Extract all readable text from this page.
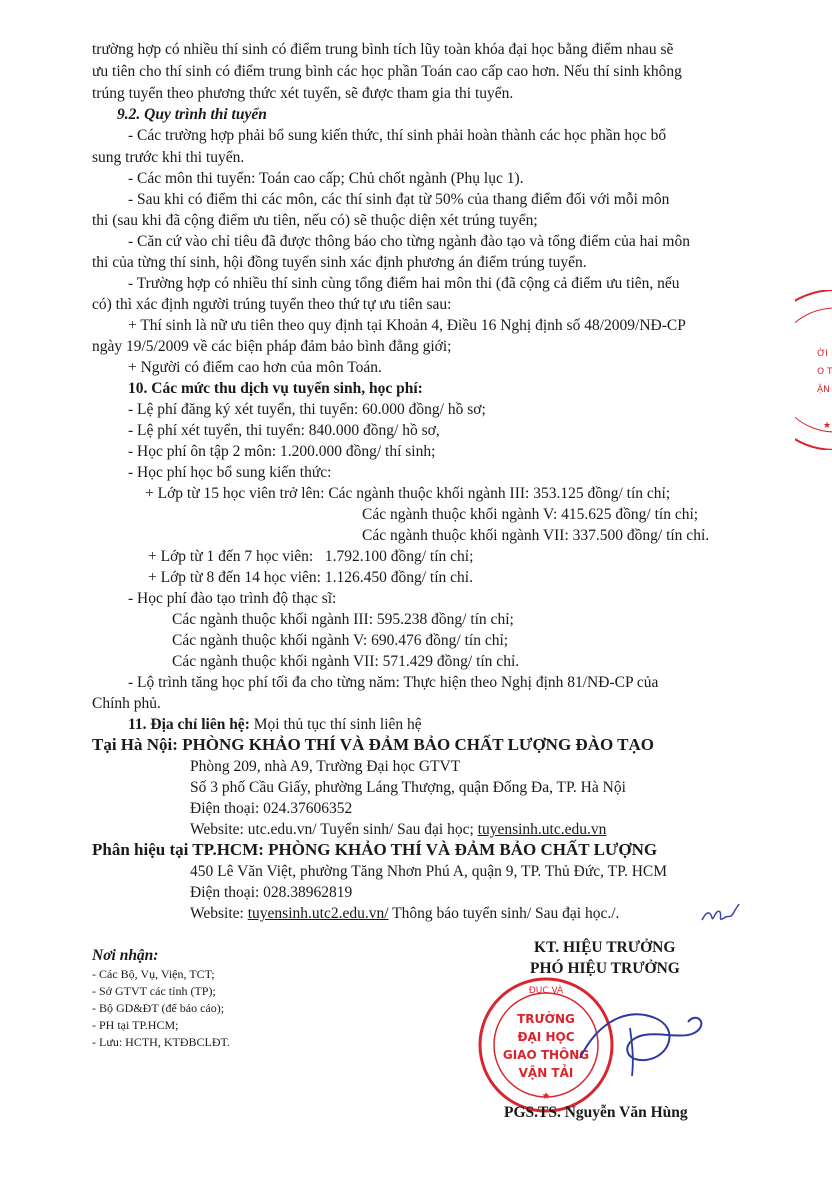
trường hợp có nhiều thí sinh có điểm trung bình tích lũy toàn khóa đại học bằng điểm nhau sẽ
ưu tiên cho thí sinh có điểm trung bình các học phần Toán cao cấp cao hơn. Nếu thí sinh không
trúng tuyển theo phương thức xét tuyển, sẽ được tham gia thi tuyển.
9.2. Quy trình thi tuyển
- Các trường hợp phải bổ sung kiến thức, thí sinh phải hoàn thành các học phần học bổ
sung trước khi thi tuyển.
- Các môn thi tuyển: Toán cao cấp; Chủ chốt ngành (Phụ lục 1).
- Sau khi có điểm thi các môn, các thí sinh đạt từ 50% của thang điểm đối với mỗi môn
thi (sau khi đã cộng điểm ưu tiên, nếu có) sẽ thuộc diện xét trúng tuyển;
- Căn cứ vào chỉ tiêu đã được thông báo cho từng ngành đào tạo và tổng điểm của hai môn
thi của từng thí sinh, hội đồng tuyển sinh xác định phương án điểm trúng tuyển.
- Trường hợp có nhiều thí sinh cùng tổng điểm hai môn thi (đã cộng cả điểm ưu tiên, nếu
có) thì xác định người trúng tuyển theo thứ tự ưu tiên sau:
+ Thí sinh là nữ ưu tiên theo quy định tại Khoản 4, Điều 16 Nghị định số 48/2009/NĐ-CP
ngày 19/5/2009 về các biện pháp đảm bảo bình đẳng giới;
+ Người có điểm cao hơn của môn Toán.
10. Các mức thu dịch vụ tuyển sinh, học phí:
- Lệ phí đăng ký xét tuyển, thi tuyển: 60.000 đồng/ hồ sơ;
- Lệ phí xét tuyển, thi tuyển: 840.000 đồng/ hồ sơ,
- Học phí ôn tập 2 môn: 1.200.000 đồng/ thí sinh;
- Học phí học bổ sung kiến thức:
+ Lớp từ 15 học viên trở lên: Các ngành thuộc khối ngành III: 353.125 đồng/ tín chỉ;
Các ngành thuộc khối ngành V: 415.625 đồng/ tín chỉ;
Các ngành thuộc khối ngành VII: 337.500 đồng/ tín chỉ.
+ Lớp từ 1 đến 7 học viên:   1.792.100 đồng/ tín chỉ;
+ Lớp từ 8 đến 14 học viên: 1.126.450 đồng/ tín chỉ.
- Học phí đào tạo trình độ thạc sĩ:
Các ngành thuộc khối ngành III: 595.238 đồng/ tín chỉ;
Các ngành thuộc khối ngành V: 690.476 đồng/ tín chỉ;
Các ngành thuộc khối ngành VII: 571.429 đồng/ tín chỉ.
- Lộ trình tăng học phí tối đa cho từng năm: Thực hiện theo Nghị định 81/NĐ-CP của
Chính phủ.
11. Địa chỉ liên hệ: Mọi thủ tục thí sinh liên hệ
Tại Hà Nội: PHÒNG KHẢO THÍ VÀ ĐẢM BẢO CHẤT LƯỢNG ĐÀO TẠO
Phòng 209, nhà A9, Trường Đại học GTVT
Số 3 phố Cầu Giấy, phường Láng Thượng, quận Đống Đa, TP. Hà Nội
Điện thoại: 024.37606352
Website: utc.edu.vn/ Tuyển sinh/ Sau đại học; tuyensinh.utc.edu.vn
Phân hiệu tại TP.HCM: PHÒNG KHẢO THÍ VÀ ĐẢM BẢO CHẤT LƯỢNG
450 Lê Văn Việt, phường Tăng Nhơn Phú A, quận 9, TP. Thủ Đức, TP. HCM
Điện thoại: 028.38962819
Website: tuyensinh.utc2.edu.vn/ Thông báo tuyển sinh/ Sau đại học./.
Nơi nhận:
- Các Bộ, Vụ, Viện, TCT;
- Sở GTVT các tỉnh (TP);
- Bộ GD&ĐT (để báo cáo);
- PH tại TP.HCM;
- Lưu: HCTH, KTĐBCLĐT.
KT. HIỆU TRƯỞNG
PHÓ HIỆU TRƯỞNG
ĐỤC VÀ
TRƯỜNG
ĐẠI HỌC
GIAO THÔNG
VẬN TẢI
★
PGS.TS. Nguyễn Văn Hùng
ỜI
O T
ẬN
★
